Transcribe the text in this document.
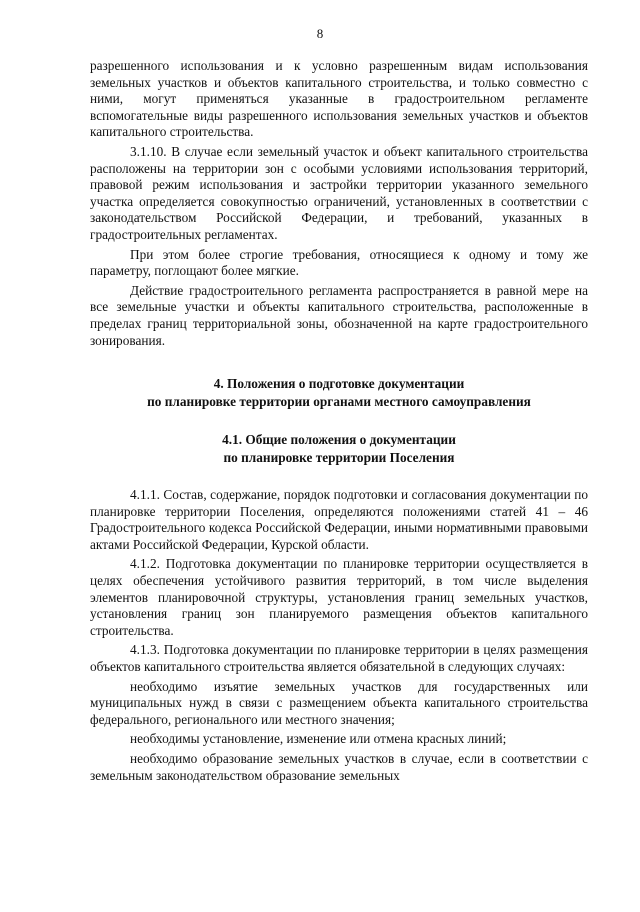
8

разрешенного использования и к условно разрешенным видам использования земельных участков и объектов капитального строительства, и только совместно с ними, могут применяться указанные в градостроительном регламенте вспомогательные виды разрешенного использования земельных участков и объектов капитального строительства.

3.1.10. В случае если земельный участок и объект капитального строительства расположены на территории зон с особыми условиями использования территорий, правовой режим использования и застройки территории указанного земельного участка определяется совокупностью ограничений, установленных в соответствии с законодательством Российской Федерации, и требований, указанных в градостроительных регламентах.

При этом более строгие требования, относящиеся к одному и тому же параметру, поглощают более мягкие.

Действие градостроительного регламента распространяется в равной мере на все земельные участки и объекты капитального строительства, расположенные в пределах границ территориальной зоны, обозначенной на карте градостроительного зонирования.

4. Положения о подготовке документации
по планировке территории органами местного самоуправления
4.1. Общие положения о документации
по планировке территории Поселения

4.1.1. Состав, содержание, порядок подготовки и согласования документации по планировке территории Поселения, определяются положениями статей 41 – 46 Градостроительного кодекса Российской Федерации, иными нормативными правовыми актами Российской Федерации, Курской области.

4.1.2. Подготовка документации по планировке территории осуществляется в целях обеспечения устойчивого развития территорий, в том числе выделения элементов планировочной структуры, установления границ земельных участков, установления границ зон планируемого размещения объектов капитального строительства.

4.1.3. Подготовка документации по планировке территории в целях размещения объектов капитального строительства является обязательной в следующих случаях:

необходимо изъятие земельных участков для государственных или муниципальных нужд в связи с размещением объекта капитального строительства федерального, регионального или местного значения;

необходимы установление, изменение или отмена красных линий;

необходимо образование земельных участков в случае, если в соответствии с земельным законодательством образование земельных
